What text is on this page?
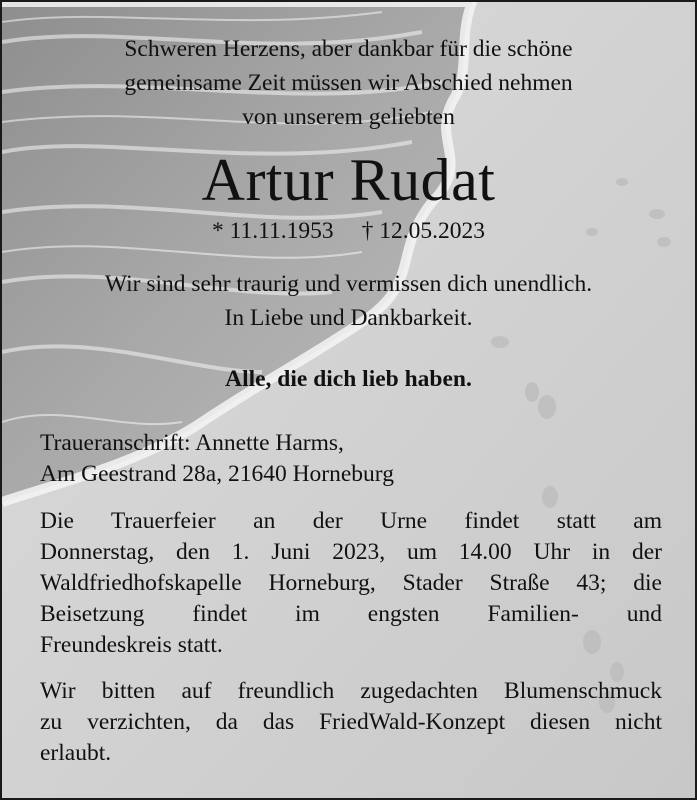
Schweren Herzens, aber dankbar für die schöne
gemeinsame Zeit müssen wir Abschied nehmen
von unserem geliebten
Artur Rudat
* 11.11.1953 † 12.05.2023
Wir sind sehr traurig und vermissen dich unendlich.
In Liebe und Dankbarkeit.
Alle, die dich lieb haben.
Traueranschrift: Annette Harms,
Am Geestrand 28a, 21640 Horneburg
Die Trauerfeier an der Urne findet statt am
Donnerstag, den 1. Juni 2023, um 14.00 Uhr in der
Waldfriedhofskapelle Horneburg, Stader Straße 43; die
Beisetzung findet im engsten Familien- und
Freundeskreis statt.
Wir bitten auf freundlich zugedachten Blumenschmuck
zu verzichten, da das FriedWald-Konzept diesen nicht
erlaubt.
